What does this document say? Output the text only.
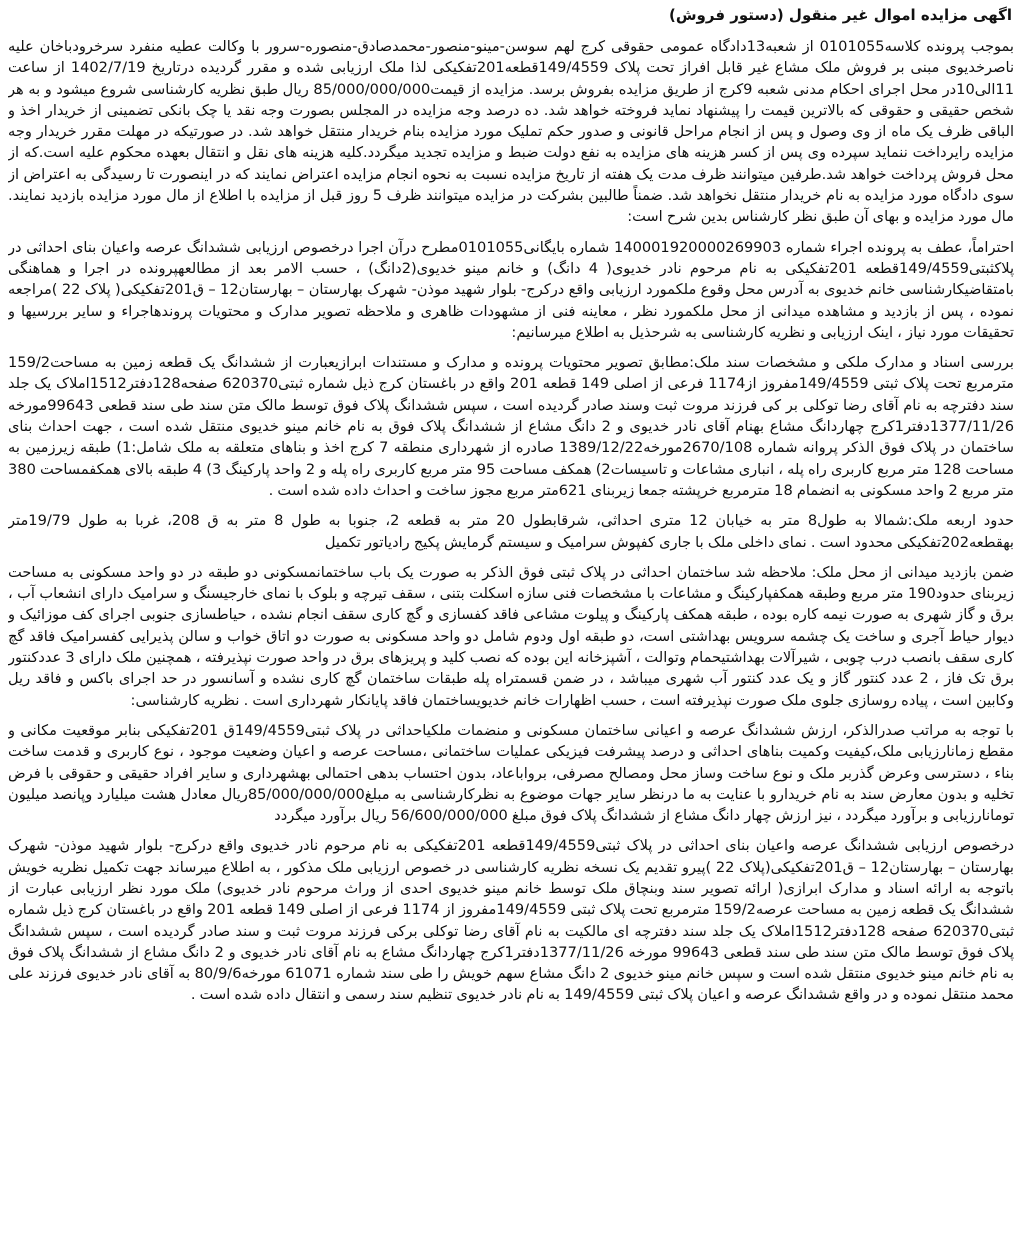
اگهی مزایده اموال غیر منقول (دستور فروش)

بموجب پرونده کلاسه0101055 از شعبه13دادگاه عمومی حقوقی کرج لهم سوسن-مینو-منصور-محمدصادق-منصوره-سرور با وکالت عطیه منفرد سرخرودباخان علیه ناصرخدیوی مبنی بر فروش ملک مشاع غیر قابل افراز تحت پلاک 149/4559قطعه201تفکیکی لذا ملک ارزیابی شده و مقرر گردیده درتاریخ 1402/7/19 از ساعت 11الی10در محل اجرای احکام مدنی شعبه 9کرج از طریق مزایده بفروش برسد. مزایده از قیمت85/000/000/000 ریال طبق نظریه کارشناسی شروع میشود و به هر شخص حقیقی و حقوقی که بالاترین قیمت را پیشنهاد نماید فروخته خواهد شد. ده درصد وجه مزایده در المجلس بصورت وجه نقد یا چک بانکی تضمینی از خریدار اخذ و الباقی ظرف یک ماه از وی وصول و پس از انجام مراحل قانونی و صدور حکم تملیک مورد مزایده بنام خریدار منتقل خواهد شد. در صورتیکه در مهلت مقرر خریدار وجه مزایده رایرداخت ننماید سپرده وی پس از کسر هزینه های مزایده به نفع دولت ضبط و مزایده تجدید میگردد.کلیه هزینه های نقل و انتقال بعهده محکوم علیه است.که از محل فروش پرداخت خواهد شد.طرفین میتوانند ظرف مدت یک هفته از تاریخ مزایده نسبت به نحوه انجام مزایده اعتراض نمایند که در اینصورت تا رسیدگی به اعتراض از سوی دادگاه مورد مزایده به نام خریدار منتقل نخواهد شد. ضمناً طالبین بشرکت در مزایده میتوانند ظرف 5 روز قبل از مزایده با اطلاع از مال مورد مزایده بازدید نمایند. مال مورد مزایده و بهای آن طبق نظر کارشناس بدین شرح است:

احتراماً، عطف به پرونده اجراء شماره 140001920000269903 شماره بایگانی0101055مطرح درآن اجرا درخصوص ارزیابی ششدانگ عرصه واعیان بنای احداثی در پلاکثبتی149/4559قطعه 201تفکیکی به نام مرحوم نادر خدیوی( 4 دانگ) و خانم مینو خدیوی(2دانگ) ، حسب الامر بعد از مطالعهپرونده در اجرا و هماهنگی بامتقاضیکارشناسی خانم خدیوی به آدرس محل وقوع ملکمورد ارزیابی واقع درکرج- بلوار شهید موذن- شهرک بهارستان – بهارستان12 – ق201تفکیکی( پلاک 22 )مراجعه نموده ، پس از بازدید و مشاهده میدانی از محل ملکمورد نظر ، معاینه فنی از مشهودات ظاهری و ملاحظه تصویر مدارک و محتویات پروندهاجراء و سایر بررسیها و تحقیقات مورد نیاز ، اینک ارزیابی و نظریه کارشناسی به شرحذیل به اطلاع میرسانیم:

بررسی اسناد و مدارک ملکی و مشخصات سند ملک:مطابق تصویر محتویات پرونده و مدارک و مستندات ابرازیعبارت از ششدانگ یک قطعه زمین به مساحت159/2 مترمربع تحت پلاک ثبتی 149/4559مفروز از1174 فرعی از اصلی 149 قطعه 201 واقع در باغستان کرج ذیل شماره ثبتی620370 صفحه128دفتر1512املاک یک جلد سند دفترچه به نام آقای رضا توکلی بر کی فرزند مروت ثبت وسند صادر گردیده است ، سپس ششدانگ پلاک فوق توسط مالک متن سند طی سند قطعی 99643مورخه 1377/11/26دفتر1کرج چهاردانگ مشاع بهنام آقای نادر خدیوی و 2 دانگ مشاع از ششدانگ پلاک فوق به نام خانم مینو خدیوی منتقل شده است ، جهت احداث بنای ساختمان در پلاک فوق الذکر پروانه شماره 2670/108مورخه1389/12/22 صادره از شهرداری منطقه 7 کرج اخذ و بناهای متعلقه به ملک شامل:1) طبقه زیرزمین به مساحت 128 متر مربع کاربری راه پله ، انباری مشاعات و تاسیسات2) همکف مساحت 95 متر مربع کاربری راه پله و 2 واحد پارکینگ 3) 4 طبقه بالای همکفمساحت 380 متر مربع 2 واحد مسکونی به انضمام 18 مترمربع خرپشته جمعا زیربنای 621متر مربع مجوز ساخت و احداث داده شده است .

حدود اربعه ملک:شمالا به طول8 متر به خیابان 12 متری احداثی، شرقابطول 20 متر به قطعه 2، جنوبا به طول 8 متر به ق 208، غربا به طول 19/79متر بهقطعه202تفکیکی محدود است . نمای داخلی ملک با جاری کفپوش سرامیک و سیستم گرمایش پکیج رادیاتور تکمیل

ضمن بازدید میدانی از محل ملک: ملاحظه شد ساختمان احداثی در پلاک ثبتی فوق الذکر به صورت یک باب ساختمانمسکونی دو طبقه در دو واحد مسکونی به مساحت زیربنای حدود190 متر مربع وطبقه همکفپارکینگ و مشاعات با مشخصات فنی سازه اسکلت بتنی ، سقف تیرچه و بلوک با نمای خارجیسنگ و سرامیک دارای انشعاب آب ، برق و گاز شهری به صورت نیمه کاره بوده ، طبقه همکف پارکینگ و پیلوت مشاعی فاقد کفسازی و گچ کاری سقف انجام نشده ، حیاطسازی جنوبی اجرای کف موزائیک و دیوار حیاط آجری و ساخت یک چشمه سرویس بهداشتی است، دو طبقه اول ودوم شامل دو واحد مسکونی به صورت دو اتاق خواب و سالن پذیرایی کفسرامیک فاقد گچ کاری سقف بانصب درب چوبی ، شیرآلات بهداشتیحمام وتوالت ، آشپزخانه این بوده که نصب کلید و پریزهای برق در واحد صورت نپذیرفته ، همچنین ملک دارای 3 عددکنتور برق تک فاز ، 2 عدد کنتور گاز و یک عدد کنتور آب شهری میباشد ، در ضمن قسمتراه پله طبقات ساختمان گچ کاری نشده و آسانسور در حد اجرای باکس و فاقد ریل وکابین است ، پیاده روسازی جلوی ملک صورت نپذیرفته است ، حسب اظهارات خانم خدیویساختمان فاقد پایانکار شهرداری است . نظریه کارشناسی:

با توجه به مراتب صدرالذکر، ارزش ششدانگ عرصه و اعیانی ساختمان مسکونی و منضمات ملکیاحداثی در پلاک ثبتی149/4559ق 201تفکیکی بنابر موقعیت مکانی و مقطع زمانارزیابی ملک،کیفیت وکمیت بناهای احداثی و درصد پیشرفت فیزیکی عملیات ساختمانی ،مساحت عرصه و اعیان وضعیت موجود ، نوع کاربری و قدمت ساخت بناء ، دسترسی وعرض گذربر ملک و نوع ساخت وساز محل ومصالح مصرفی، برواباعاد، بدون احتساب بدهی احتمالی بهشهرداری و سایر افراد حقیقی و حقوقی با فرض تخلیه و بدون معارض سند به نام خریدارو با عنایت به ما درنظر سایر جهات موضوع به نظرکارشناسی به مبلغ85/000/000/000ریال معادل هشت میلیارد وپانصد میلیون تومانارزیابی و برآورد میگردد ، نیز ارزش چهار دانگ مشاع از ششدانگ پلاک فوق مبلغ 56/600/000/000 ریال برآورد میگردد

درخصوص ارزیابی ششدانگ عرصه واعیان بنای احداثی در پلاک ثبتی149/4559قطعه 201تفکیکی به نام مرحوم نادر خدیوی واقع درکرج- بلوار شهید موذن- شهرک بهارستان – بهارستان12 – ق201تفکیکی(پلاک 22 )پیرو تقدیم یک نسخه نظریه کارشناسی در خصوص ارزیابی ملک مذکور ، به اطلاع میرساند جهت تکمیل نظریه خویش باتوجه به ارائه اسناد و مدارک ابرازی( ارائه تصویر سند وبنچاق ملک توسط خانم مینو خدیوی احدی از وراث مرحوم نادر خدیوی) ملک مورد نظر ارزیابی عبارت از ششدانگ یک قطعه زمین به مساحت عرصه159/2 مترمربع تحت پلاک ثبتی 149/4559مفروز از 1174 فرعی از اصلی 149 قطعه 201 واقع در باغستان کرج ذیل شماره ثبتی620370 صفحه 128دفتر1512املاک یک جلد سند دفترچه ای مالکیت به نام آقای رضا توکلی برکی فرزند مروت ثبت و سند صادر گردیده است ، سپس ششدانگ پلاک فوق توسط مالک متن سند طی سند قطعی 99643 مورخه 1377/11/26دفتر1کرج چهاردانگ مشاع به نام آقای نادر خدیوی و 2 دانگ مشاع از ششدانگ پلاک فوق به نام خانم مینو خدیوی منتقل شده است و سپس خانم مینو خدیوی 2 دانگ مشاع سهم خویش را طی سند شماره 61071 مورخه80/9/6 به آقای نادر خدیوی فرزند علی محمد منتقل نموده و در واقع ششدانگ عرصه و اعیان پلاک ثبتی 149/4559 به نام نادر خدیوی تنظیم سند رسمی و انتقال داده شده است .
